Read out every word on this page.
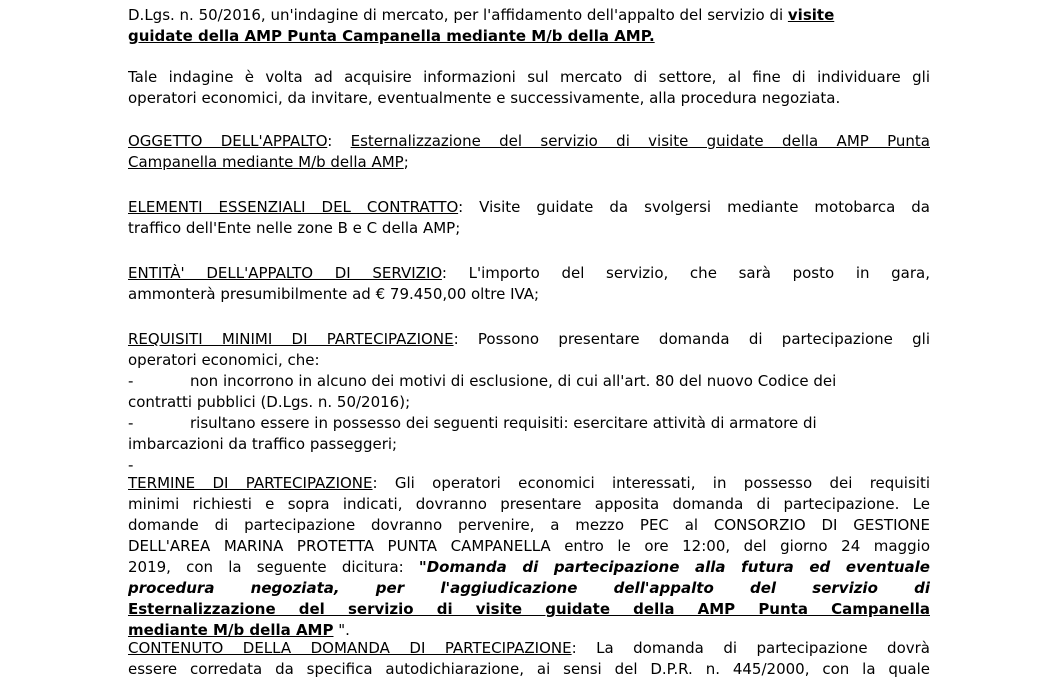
D.Lgs. n. 50/2016, un'indagine di mercato, per l'affidamento dell'appalto del servizio di visite
guidate della AMP Punta Campanella mediante M/b della AMP.
Tale indagine è volta ad acquisire informazioni sul mercato di settore, al fine di individuare gli
operatori economici, da invitare, eventualmente e successivamente, alla procedura negoziata.
OGGETTO DELL'APPALTO: Esternalizzazione del servizio di visite guidate della AMP Punta
Campanella mediante M/b della AMP;
ELEMENTI ESSENZIALI DEL CONTRATTO: Visite guidate da svolgersi mediante motobarca da
traffico dell'Ente nelle zone B e C della AMP;
ENTITÀ' DELL'APPALTO DI SERVIZIO: L'importo del servizio, che sarà posto in gara,
ammonterà presumibilmente ad € 79.450,00 oltre IVA;
REQUISITI MINIMI DI PARTECIPAZIONE: Possono presentare domanda di partecipazione gli
operatori economici, che:
-	non incorrono in alcuno dei motivi di esclusione, di cui all'art. 80 del nuovo Codice dei
contratti pubblici (D.Lgs. n. 50/2016);
-	risultano essere in possesso dei seguenti requisiti: esercitare attività di armatore di
imbarcazioni da traffico passeggeri;
-
TERMINE DI PARTECIPAZIONE: Gli operatori economici interessati, in possesso dei requisiti
minimi richiesti e sopra indicati, dovranno presentare apposita domanda di partecipazione. Le
domande di partecipazione dovranno pervenire, a mezzo PEC al CONSORZIO DI GESTIONE
DELL'AREA MARINA PROTETTA PUNTA CAMPANELLA entro le ore 12:00, del giorno 24 maggio
2019, con la seguente dicitura: "Domanda di partecipazione alla futura ed eventuale
procedura negoziata, per l'aggiudicazione dell'appalto del servizio di
Esternalizzazione del servizio di visite guidate della AMP Punta Campanella
mediante M/b della AMP ".
CONTENUTO DELLA DOMANDA DI PARTECIPAZIONE: La domanda di partecipazione dovrà
essere corredata da specifica autodichiarazione, ai sensi del D.P.R. n. 445/2000, con la quale
